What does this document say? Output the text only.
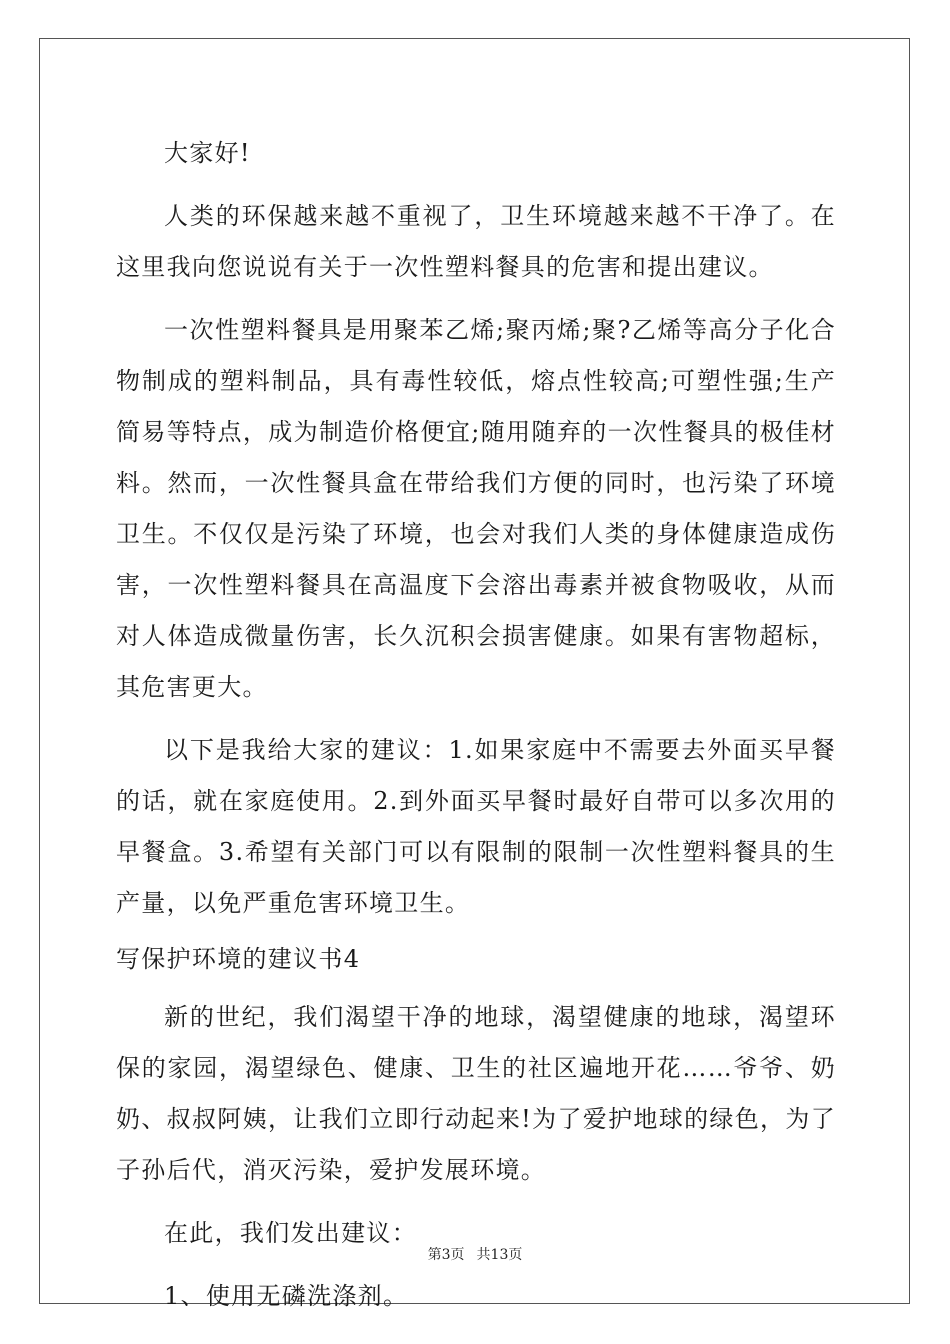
大家好!

人类的环保越来越不重视了，卫生环境越来越不干净了。在这里我向您说说有关于一次性塑料餐具的危害和提出建议。

一次性塑料餐具是用聚苯乙烯;聚丙烯;聚?乙烯等高分子化合物制成的塑料制品，具有毒性较低，熔点性较高;可塑性强;生产简易等特点，成为制造价格便宜;随用随弃的一次性餐具的极佳材料。然而，一次性餐具盒在带给我们方便的同时，也污染了环境卫生。不仅仅是污染了环境，也会对我们人类的身体健康造成伤害，一次性塑料餐具在高温度下会溶出毒素并被食物吸收，从而对人体造成微量伤害，长久沉积会损害健康。如果有害物超标，其危害更大。

以下是我给大家的建议：1.如果家庭中不需要去外面买早餐的话，就在家庭使用。2.到外面买早餐时最好自带可以多次用的早餐盒。3.希望有关部门可以有限制的限制一次性塑料餐具的生产量，以免严重危害环境卫生。

写保护环境的建议书4

新的世纪，我们渴望干净的地球，渴望健康的地球，渴望环保的家园，渴望绿色、健康、卫生的社区遍地开花……爷爷、奶奶、叔叔阿姨，让我们立即行动起来!为了爱护地球的绿色，为了子孙后代，消灭污染，爱护发展环境。

在此，我们发出建议：

1、使用无磷洗涤剂。

第3页 共13页
